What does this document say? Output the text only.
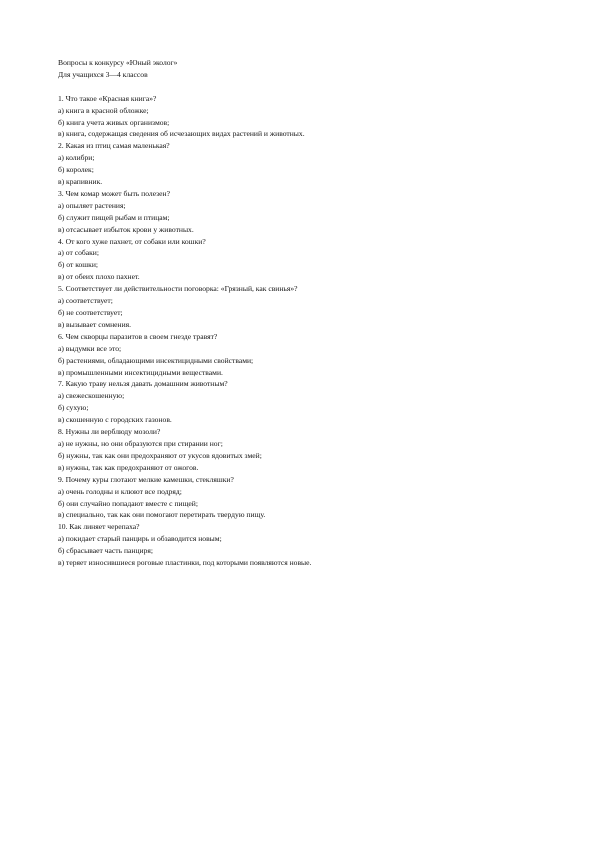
Вопросы к конкурсу «Юный эколог»
Для учащихся 3—4 классов
1. Что такое «Красная книга»?
а) книга в красной обложке;
б) книга учета живых организмов;
в) книга, содержащая сведения об исчезающих видах растений и животных.
2. Какая из птиц самая маленькая?
а) колибри;
б) королек;
в) крапивник.
3. Чем комар может быть полезен?
а) опыляет растения;
б) служит пищей рыбам и птицам;
в) отсасывает избыток крови у животных.
4. От кого хуже пахнет, от собаки или кошки?
а) от собаки;
б) от кошки;
в) от обеих плохо пахнет.
5. Соответствует ли действительности поговорка: «Грязный, как свинья»?
а) соответствует;
б) не соответствует;
в) вызывает сомнения.
6. Чем скворцы паразитов в своем гнезде травят?
а) выдумки все это;
б) растениями, обладающими инсектицидными свойствами;
в) промышленными инсектицидными веществами.
7. Какую траву нельзя давать домашним животным?
а) свежескошенную;
б) сухую;
в) скошенную с городских газонов.
8. Нужны ли верблюду мозоли?
а) не нужны, но они образуются при стирании ног;
б) нужны, так как они предохраняют от укусов ядовитых змей;
в) нужны, так как предохраняют от ожогов.
9. Почему куры глотают мелкие камешки, стекляшки?
а) очень голодны и клюют все подряд;
б) они случайно попадают вместе с пищей;
в) специально, так как они помогают перетирать твердую пищу.
10. Как линяет черепаха?
а) покидает старый панцирь и обзаводится новым;
б) сбрасывает часть панциря;
в) теряет износившиеся роговые пластинки, под которыми появляются новые.
